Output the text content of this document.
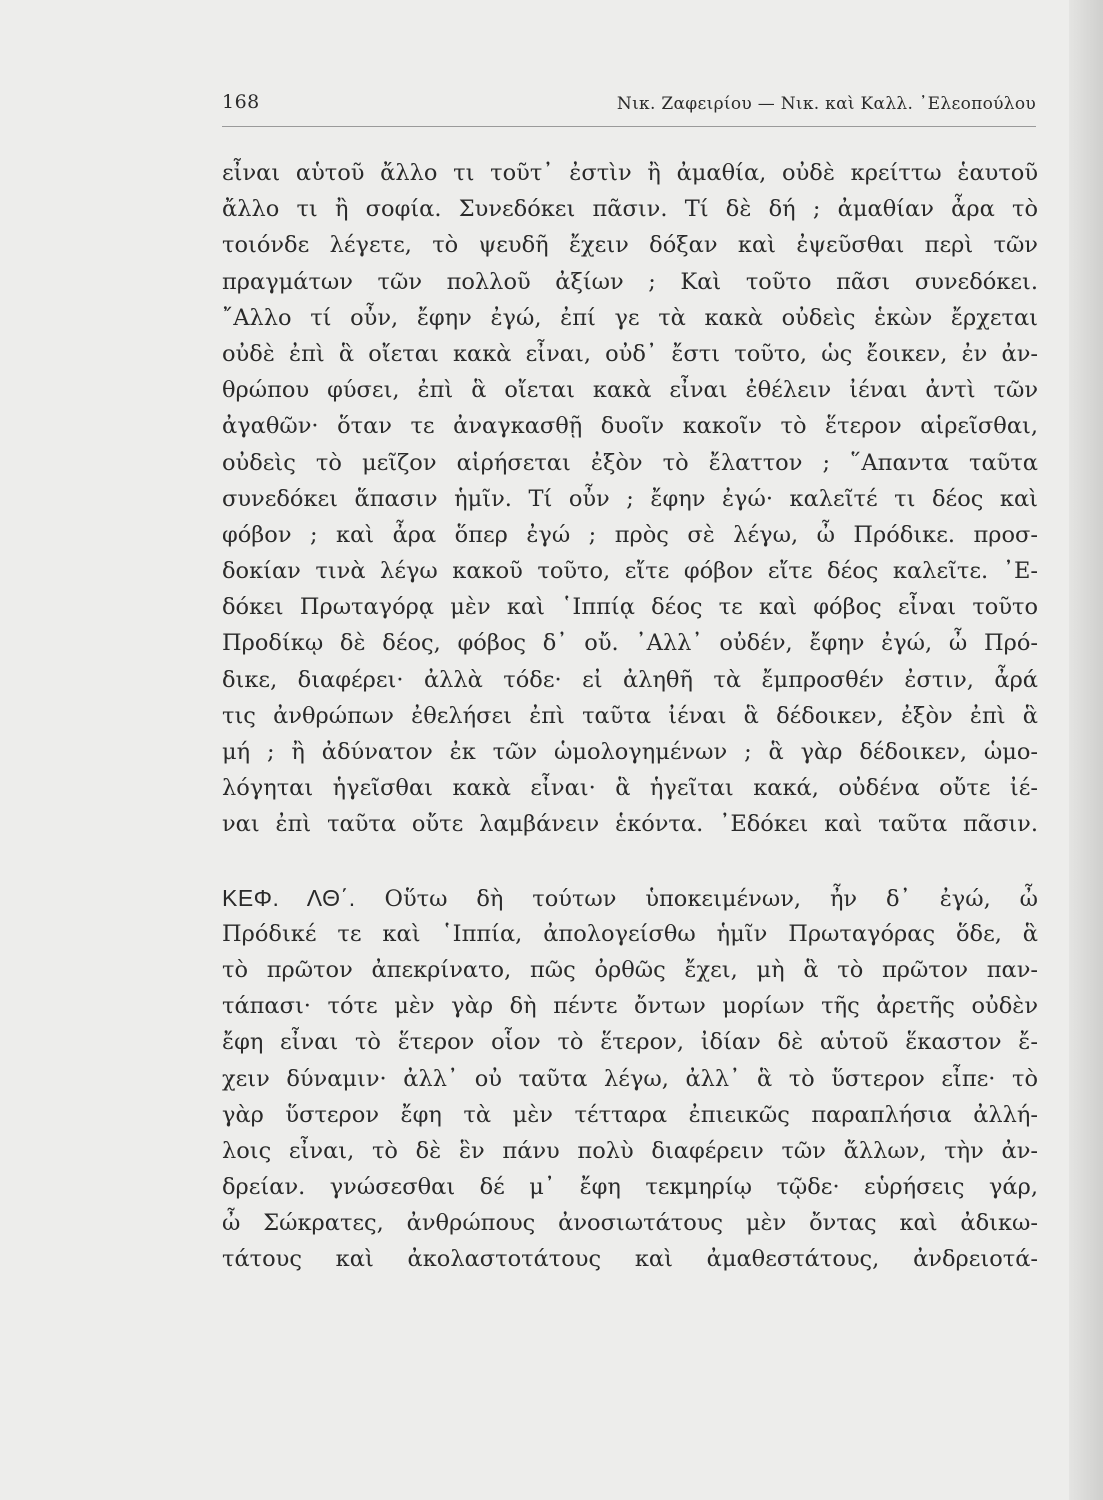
168	Νικ. Ζαφειρίου — Νικ. καὶ Καλλ. ᾿Ελεοπούλου
εἶναι αὑτοῦ ἄλλο τι τοῦτ᾿ ἐστὶν ἢ ἀμαθία, οὐδὲ κρείττω ἑαυτοῦ
ἄλλο τι ἢ σοφία. Συνεδόκει πᾶσιν. Τί δὲ δή ; ἀμαθίαν ἆρα τὸ
τοιόνδε λέγετε, τὸ ψευδῆ ἔχειν δόξαν καὶ ἐψεῦσθαι περὶ τῶν
πραγμάτων τῶν πολλοῦ ἀξίων ; Καὶ τοῦτο πᾶσι συνεδόκει.
῎Αλλο τί οὖν, ἔφην ἐγώ, ἐπί γε τὰ κακὰ οὐδεὶς ἑκὼν ἔρχεται
οὐδὲ ἐπὶ ἃ οἴεται κακὰ εἶναι, οὐδ᾿ ἔστι τοῦτο, ὡς ἔοικεν, ἐν ἀν-
θρώπου φύσει, ἐπὶ ἃ οἴεται κακὰ εἶναι ἐθέλειν ἰέναι ἀντὶ τῶν
ἀγαθῶν· ὅταν τε ἀναγκασθῇ δυοῖν κακοῖν τὸ ἕτερον αἱρεῖσθαι,
οὐδεὶς τὸ μεῖζον αἱρήσεται ἐξὸν τὸ ἔλαττον ; ῞Απαντα ταῦτα
συνεδόκει ἅπασιν ἡμῖν. Τί οὖν ; ἔφην ἐγώ· καλεῖτέ τι δέος καὶ
φόβον ; καὶ ἆρα ὅπερ ἐγώ ; πρὸς σὲ λέγω, ὦ Πρόδικε. προσ-
δοκίαν τινὰ λέγω κακοῦ τοῦτο, εἴτε φόβον εἴτε δέος καλεῖτε. ᾿Ε-
δόκει Πρωταγόρᾳ μὲν καὶ ῾Ιππίᾳ δέος τε καὶ φόβος εἶναι τοῦτο
Προδίκῳ δὲ δέος, φόβος δ᾿ οὔ. ᾿Αλλ᾿ οὐδέν, ἔφην ἐγώ, ὦ Πρό-
δικε, διαφέρει· ἀλλὰ τόδε· εἰ ἀληθῆ τὰ ἔμπροσθέν ἐστιν, ἆρά
τις ἀνθρώπων ἐθελήσει ἐπὶ ταῦτα ἰέναι ἃ δέδοικεν, ἐξὸν ἐπὶ ἃ
μή ; ἢ ἀδύνατον ἐκ τῶν ὡμολογημένων ; ἃ γὰρ δέδοικεν, ὡμο-
λόγηται ἡγεῖσθαι κακὰ εἶναι· ἃ ἡγεῖται κακά, οὐδένα οὔτε ἰέ-
ναι ἐπὶ ταῦτα οὔτε λαμβάνειν ἑκόντα. ᾿Εδόκει καὶ ταῦτα πᾶσιν.
ΚΕΦ. ΛΘ΄. Οὕτω δὴ τούτων ὑποκειμένων, ἦν δ᾿ ἐγώ, ὦ
Πρόδικέ τε καὶ ῾Ιππία, ἀπολογείσθω ἡμῖν Πρωταγόρας ὅδε, ἃ
τὸ πρῶτον ἀπεκρίνατο, πῶς ὀρθῶς ἔχει, μὴ ἃ τὸ πρῶτον παν-
τάπασι· τότε μὲν γὰρ δὴ πέντε ὄντων μορίων τῆς ἀρετῆς οὐδὲν
ἔφη εἶναι τὸ ἕτερον οἷον τὸ ἕτερον, ἰδίαν δὲ αὑτοῦ ἕκαστον ἔ-
χειν δύναμιν· ἀλλ᾿ οὐ ταῦτα λέγω, ἀλλ᾿ ἃ τὸ ὕστερον εἶπε· τὸ
γὰρ ὕστερον ἔφη τὰ μὲν τέτταρα ἐπιεικῶς παραπλήσια ἀλλή-
λοις εἶναι, τὸ δὲ ἓν πάνυ πολὺ διαφέρειν τῶν ἄλλων, τὴν ἀν-
δρείαν. γνώσεσθαι δέ μ᾿ ἔφη τεκμηρίῳ τῷδε· εὑρήσεις γάρ,
ὦ Σώκρατες, ἀνθρώπους ἀνοσιωτάτους μὲν ὄντας καὶ ἀδικω-
τάτους καὶ ἀκολαστοτάτους καὶ ἀμαθεστάτους, ἀνδρειοτά-
